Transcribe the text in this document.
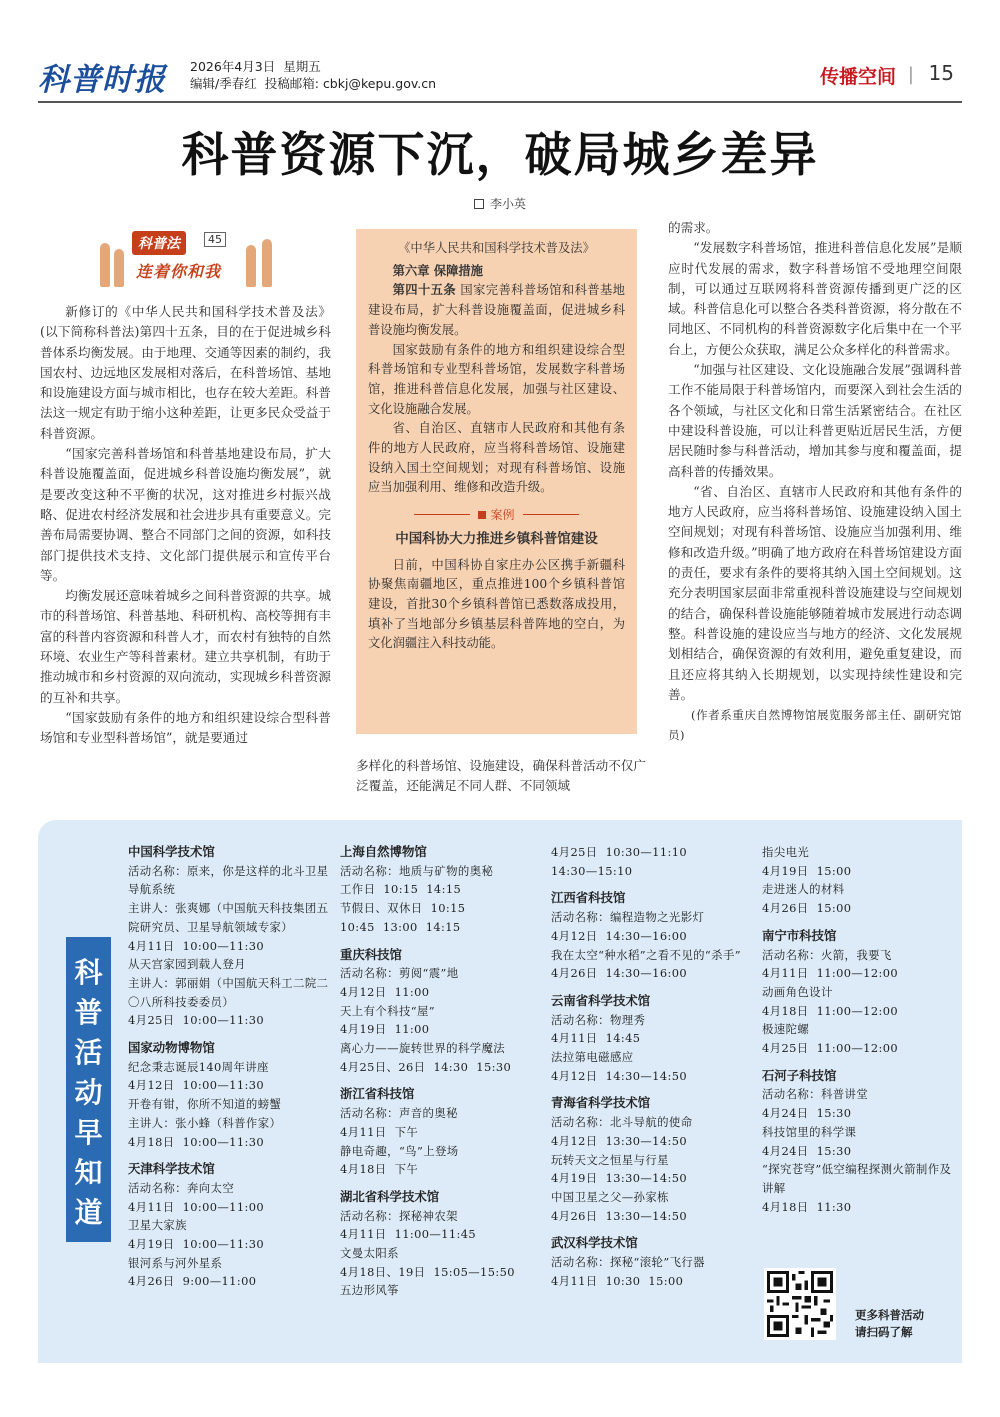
科普时报 2026年4月3日 星期五
编辑/季春红 投稿邮箱: cbkj@kepu.gov.cn	传播空间 | 15
科普资源下沉，破局城乡差异
李小英
科普法	45
连着你和我

新修订的《中华人民共和国科学技术普及法》(以下简称科普法)第四十五条，目的在于促进城乡科普体系均衡发展。由于地理、交通等因素的制约，我国农村、边远地区发展相对落后，在科普场馆、基地和设施建设方面与城市相比，也存在较大差距。科普法这一规定有助于缩小这种差距，让更多民众受益于科普资源。

“国家完善科普场馆和科普基地建设布局，扩大科普设施覆盖面，促进城乡科普设施均衡发展”，就是要改变这种不平衡的状况，这对推进乡村振兴战略、促进农村经济发展和社会进步具有重要意义。完善布局需要协调、整合不同部门之间的资源，如科技部门提供技术支持、文化部门提供展示和宣传平台等。

均衡发展还意味着城乡之间科普资源的共享。城市的科普场馆、科普基地、科研机构、高校等拥有丰富的科普内容资源和科普人才，而农村有独特的自然环境、农业生产等科普素材。建立共享机制，有助于推动城市和乡村资源的双向流动，实现城乡科普资源的互补和共享。

“国家鼓励有条件的地方和组织建设综合型科普场馆和专业型科普场馆”，就是要通过

《中华人民共和国科学技术普及法》
第六章 保障措施

第四十五条 国家完善科普场馆和科普基地建设布局，扩大科普设施覆盖面，促进城乡科普设施均衡发展。

国家鼓励有条件的地方和组织建设综合型科普场馆和专业型科普场馆，发展数字科普场馆，推进科普信息化发展，加强与社区建设、文化设施融合发展。

省、自治区、直辖市人民政府和其他有条件的地方人民政府，应当将科普场馆、设施建设纳入国土空间规划；对现有科普场馆、设施应当加强利用、维修和改造升级。

案例
中国科协大力推进乡镇科普馆建设

日前，中国科协自家庄办公区携手新疆科协聚焦南疆地区，重点推进100个乡镇科普馆建设，首批30个乡镇科普馆已悉数落成投用，填补了当地部分乡镇基层科普阵地的空白，为文化润疆注入科技动能。

多样化的科普场馆、设施建设，确保科普活动不仅广泛覆盖，还能满足不同人群、不同领域

的需求。

“发展数字科普场馆，推进科普信息化发展”是顺应时代发展的需求，数字科普场馆不受地理空间限制，可以通过互联网将科普资源传播到更广泛的区域。科普信息化可以整合各类科普资源，将分散在不同地区、不同机构的科普资源数字化后集中在一个平台上，方便公众获取，满足公众多样化的科普需求。

“加强与社区建设、文化设施融合发展”强调科普工作不能局限于科普场馆内，而要深入到社会生活的各个领域，与社区文化和日常生活紧密结合。在社区中建设科普设施，可以让科普更贴近居民生活，方便居民随时参与科普活动，增加其参与度和覆盖面，提高科普的传播效果。

“省、自治区、直辖市人民政府和其他有条件的地方人民政府，应当将科普场馆、设施建设纳入国土空间规划；对现有科普场馆、设施应当加强利用、维修和改造升级。”明确了地方政府在科普场馆建设方面的责任，要求有条件的要将其纳入国土空间规划。这充分表明国家层面非常重视科普设施建设与空间规划的结合，确保科普设施能够随着城市发展进行动态调整。科普设施的建设应当与地方的经济、文化发展规划相结合，确保资源的有效利用，避免重复建设，而且还应将其纳入长期规划，以实现持续性建设和完善。

(作者系重庆自然博物馆展览服务部主任、副研究馆员)

科
普
活
动
早
知
道
中国科学技术馆
活动名称：原来，你是这样的北斗卫星导航系统
主讲人：张爽娜（中国航天科技集团五院研究员、卫星导航领域专家）
4月11日  10:00—11:30
从天宫家园到载人登月
主讲人：郭丽娟（中国航天科工二院二〇八所科技委委员）
4月25日  10:00—11:30
国家动物博物馆
纪念秉志诞辰140周年讲座
4月12日  10:00—11:30
开卷有钳，你所不知道的螃蟹
主讲人：张小蜂（科普作家）
4月18日  10:00—11:30
天津科学技术馆
活动名称：奔向太空
4月11日  10:00—11:00
卫星大家族
4月19日  10:00—11:30
银河系与河外星系
4月26日  9:00—11:00
上海自然博物馆
活动名称：地质与矿物的奥秘
工作日  10:15  14:15
节假日、双休日  10:15
10:45  13:00  14:15
重庆科技馆
活动名称：剪阅“震”地
4月12日  11:00
天上有个科技“屋”
4月19日  11:00
离心力——旋转世界的科学魔法
4月25日、26日  14:30  15:30
浙江省科技馆
活动名称：声音的奥秘
4月11日  下午
静电奇趣，“鸟”上登场
4月18日  下午
湖北省科学技术馆
活动名称：探秘神农架
4月11日  11:00—11:45
文曼太阳系
4月18日、19日  15:05—15:50
五边形风筝
4月25日  10:30—11:10
14:30—15:10
江西省科技馆
活动名称：编程造物之光影灯
4月12日  14:30—16:00
我在太空“种水稻”之看不见的“杀手”
4月26日  14:30—16:00
云南省科学技术馆
活动名称：物理秀
4月11日  14:45
法拉第电磁感应
4月12日  14:30—14:50
青海省科学技术馆
活动名称：北斗导航的使命
4月12日  13:30—14:50
玩转天文之恒星与行星
4月19日  13:30—14:50
中国卫星之父—孙家栋
4月26日  13:30—14:50
武汉科学技术馆
活动名称：探秘“滚轮”飞行器
4月11日  10:30  15:00
指尖电光
4月19日  15:00
走进迷人的材料
4月26日  15:00
南宁市科技馆
活动名称：火箭，我要飞
4月11日  11:00—12:00
动画角色设计
4月18日  11:00—12:00
极速陀螺
4月25日  11:00—12:00
石河子科技馆
活动名称：科普讲堂
4月24日  15:30
科技馆里的科学课
4月24日  15:30
“探究苍穹”低空编程探测火箭制作及讲解
4月18日  11:30
更多科普活动
请扫码了解
